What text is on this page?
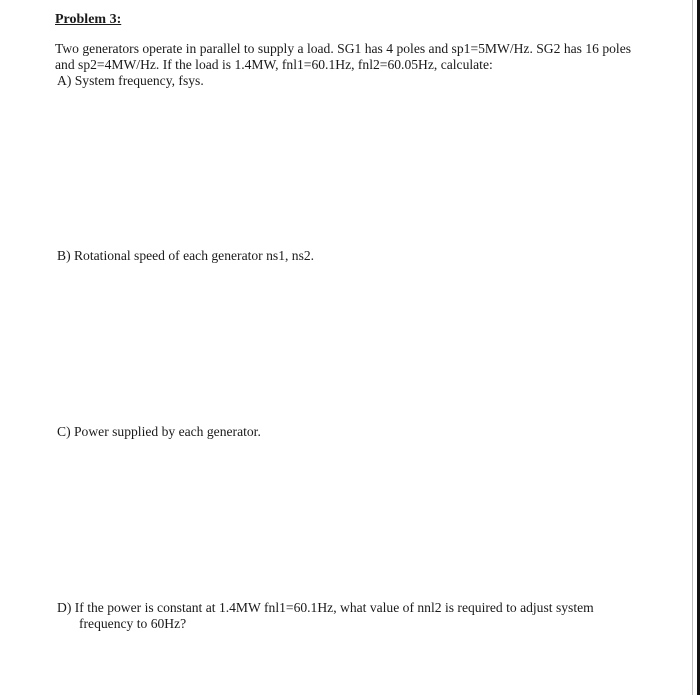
Problem 3:
Two generators operate in parallel to supply a load. SG1 has 4 poles and sp1=5MW/Hz. SG2 has 16 poles
and sp2=4MW/Hz. If the load is 1.4MW, fnl1=60.1Hz, fnl2=60.05Hz, calculate:
A) System frequency, fsys.
B) Rotational speed of each generator ns1, ns2.
C) Power supplied by each generator.
D) If the power is constant at 1.4MW fnl1=60.1Hz, what value of nnl2 is required to adjust system
frequency to 60Hz?
